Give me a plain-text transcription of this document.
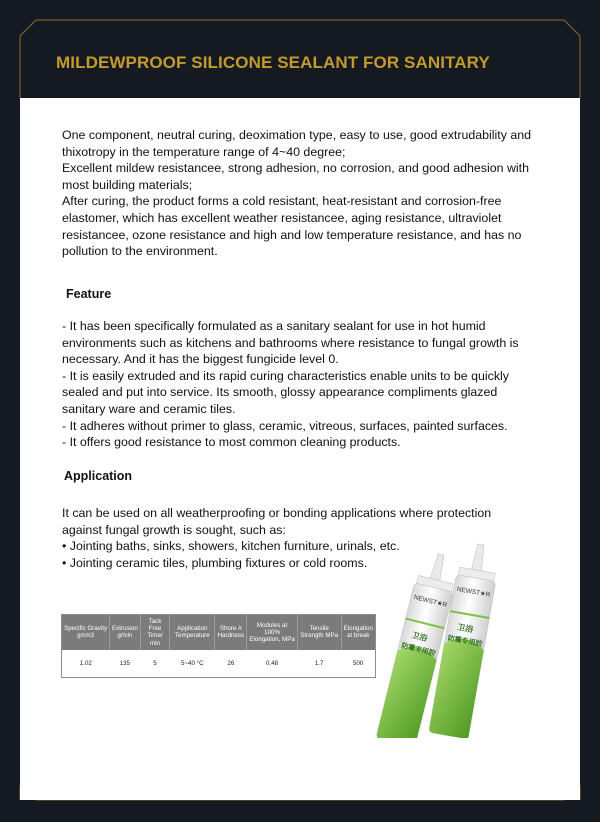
MILDEWPROOF SILICONE SEALANT FOR SANITARY

One component, neutral curing, deoximation type, easy to use, good extrudability and thixotropy in the temperature range of 4~40 degree;

Excellent mildew resistancee, strong adhesion, no corrosion, and good adhesion with most building materials;

After curing, the product forms a cold resistant, heat-resistant and corrosion-free elastomer, which has excellent weather resistancee, aging resistance, ultraviolet resistancee, ozone resistance and high and low temperature resistance, and has no pollution to the environment.

Feature

- It has been specifically formulated as a sanitary sealant for use in hot humid environments such as kitchens and bathrooms where resistance to fungal growth is necessary. And it has the biggest fungicide level 0.

- It is easily extruded and its rapid curing characteristics enable units to be quickly sealed and put into service. Its smooth, glossy appearance compliments glazed sanitary ware and ceramic tiles.

- It adheres without primer to glass, ceramic, vitreous, surfaces, painted surfaces.

- It offers good resistance to most common cleaning products.

Application

It can be used on all weatherproofing or bonding applications where protection against fungal growth is sought, such as:

• Jointing baths, sinks, showers, kitchen furniture, urinals, etc.

• Jointing ceramic tiles, plumbing fixtures or cold rooms.

Specific Gravity g/cm3	Extrusion g/min	Tack Free Time/ min	Application Temperature	Shore A Hardness	Modules at 100% Elongation, MPa	Tensile Strength MPa	Elongation at break
1.02	135	5	5~40 °C	26	0.48	1.7	500
NEWST★R
卫浴
防霉专用胶
NEWST★R
卫浴
防霉专用胶
